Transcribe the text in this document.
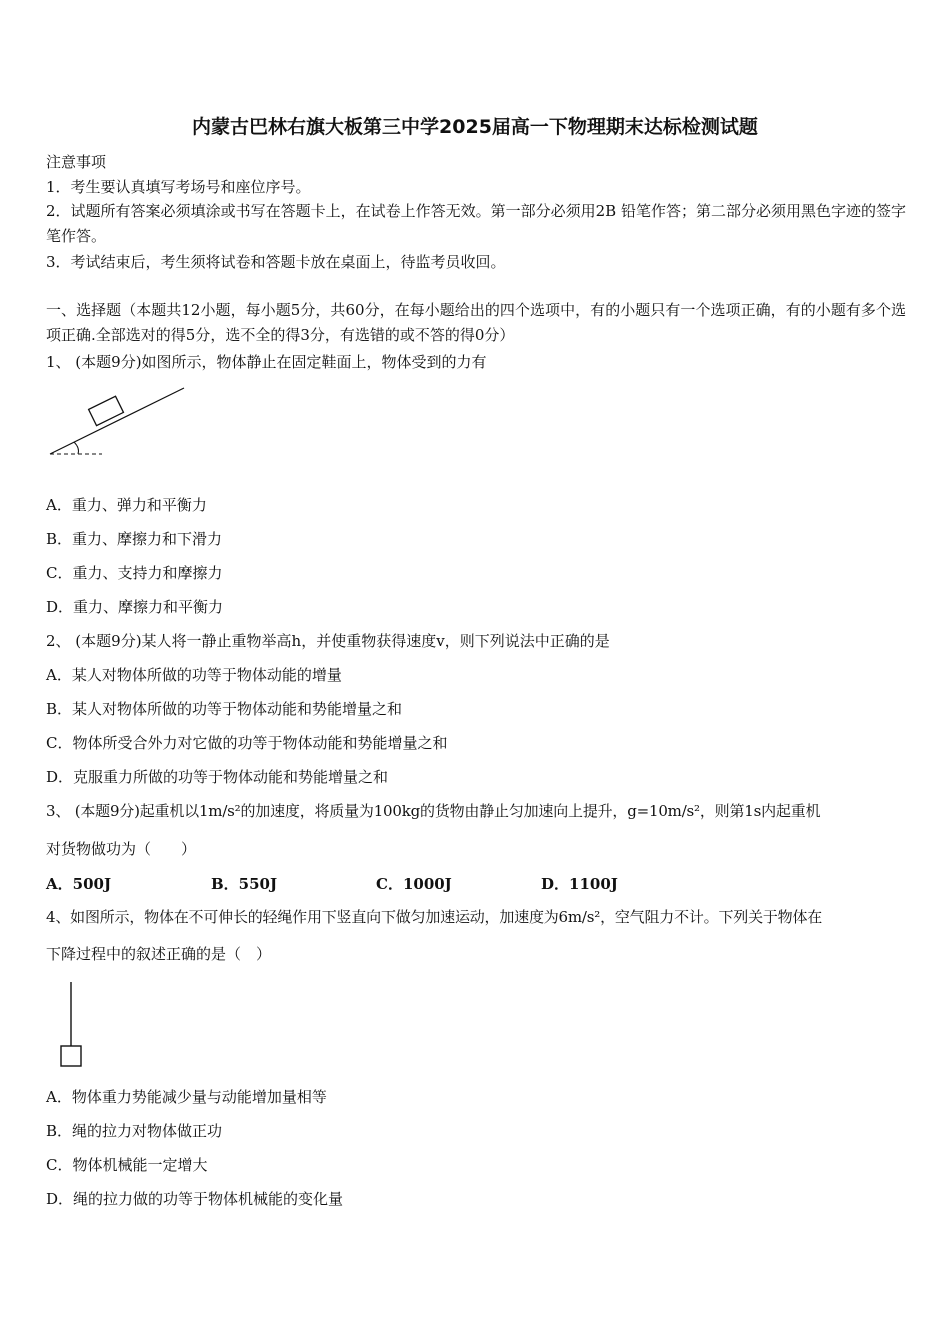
内蒙古巴林右旗大板第三中学2025届高一下物理期末达标检测试题
注意事项
1．考生要认真填写考场号和座位序号。
2．试题所有答案必须填涂或书写在答题卡上，在试卷上作答无效。第一部分必须用2B 铅笔作答；第二部分必须用黑色字迹的签字笔作答。
3．考试结束后，考生须将试卷和答题卡放在桌面上，待监考员收回。
一、选择题（本题共12小题，每小题5分，共60分，在每小题给出的四个选项中，有的小题只有一个选项正确，有的小题有多个选项正确.全部选对的得5分，选不全的得3分，有选错的或不答的得0分）
1、 (本题9分)如图所示，物体静止在固定鞋面上，物体受到的力有
A．重力、弹力和平衡力
B．重力、摩擦力和下滑力
C．重力、支持力和摩擦力
D．重力、摩擦力和平衡力
2、 (本题9分)某人将一静止重物举高h，并使重物获得速度v，则下列说法中正确的是
A．某人对物体所做的功等于物体动能的增量
B．某人对物体所做的功等于物体动能和势能增量之和
C．物体所受合外力对它做的功等于物体动能和势能增量之和
D．克服重力所做的功等于物体动能和势能增量之和
3、 (本题9分)起重机以1m/s²的加速度，将质量为100kg的货物由静止匀加速向上提升，g=10m/s²，则第1s内起重机
对货物做功为（　　）
A．500J	B．550J	C．1000J	D．1100J
4、如图所示，物体在不可伸长的轻绳作用下竖直向下做匀加速运动，加速度为6m/s²，空气阻力不计。下列关于物体在
下降过程中的叙述正确的是（　）
A．物体重力势能减少量与动能增加量相等
B．绳的拉力对物体做正功
C．物体机械能一定增大
D．绳的拉力做的功等于物体机械能的变化量
